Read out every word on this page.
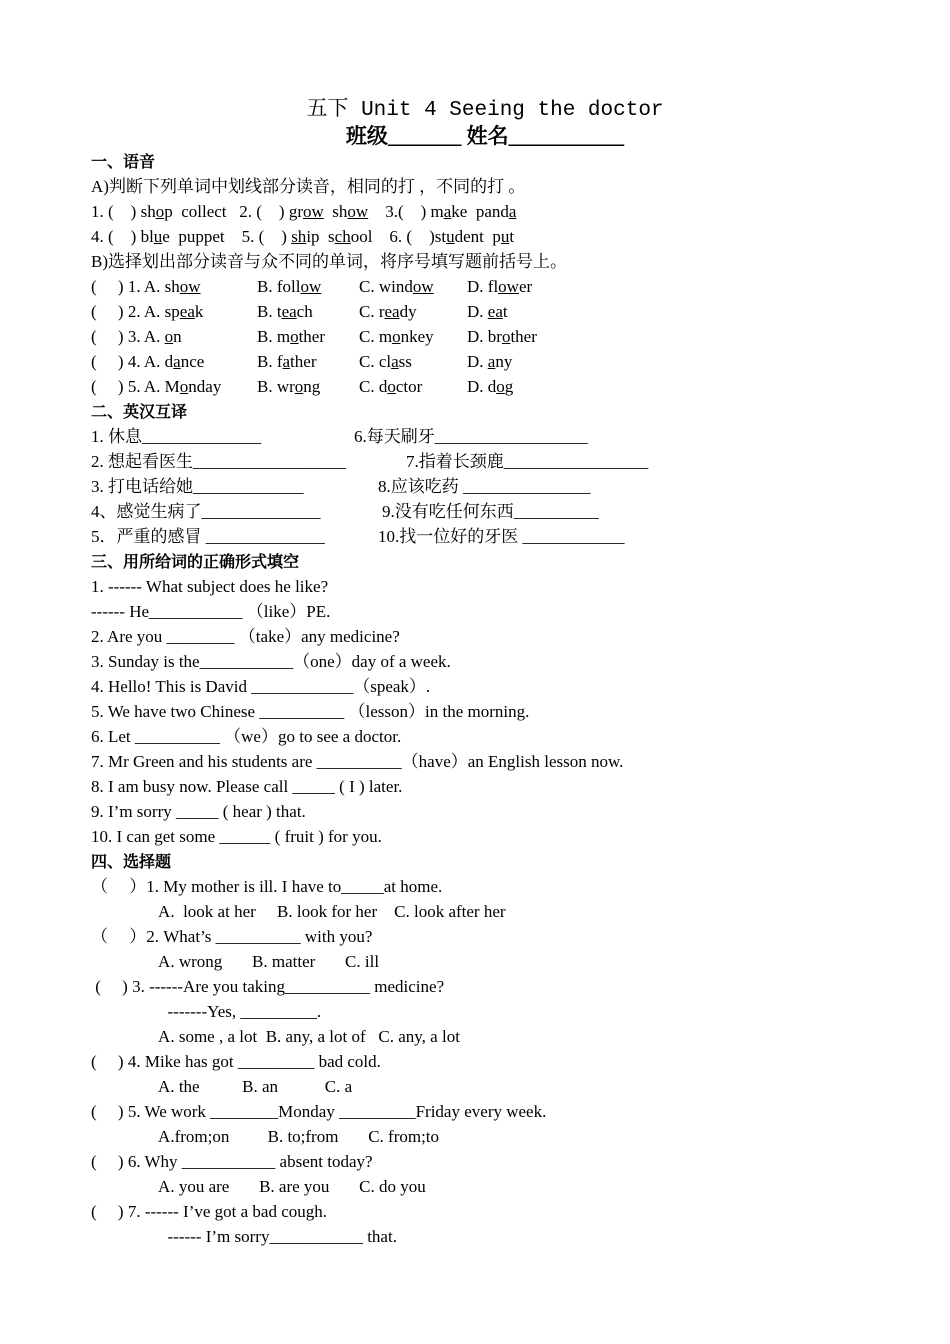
五下 Unit 4 Seeing the doctor
班级_______ 姓名___________
一、语音
A)判断下列单词中划线部分读音，相同的打 ，不同的打 。
1. (    ) shop  collect   2. (    ) grow  show    3.(    ) make  panda
4. (    ) blue  puppet    5. (    ) ship  school    6. (    )student  put
B)选择划出部分读音与众不同的单词，将序号填写题前括号上。
(     ) 1. A. show	B. follow C. window D. flower
(     ) 2. A. speak	B. teach	C. ready	D. eat
(     ) 3. A. on	B. mother C. monkey D. brother
(     ) 4. A. dance	B. father	C. class	D. any
(     ) 5. A. Monday B. wrong C. doctor	D. dog
二、英汉互译
1. 休息______________	6.每天刷牙__________________
2. 想起看医生__________________	7.指着长颈鹿_________________
3. 打电话给她_____________	8.应该吃药 _______________
4、感觉生病了______________	9.没有吃任何东西__________
5．严重的感冒 ______________	10.找一位好的牙医 ____________
三、用所给词的正确形式填空
1. ------ What subject does he like?
------ He___________ （like）PE.
2. Are you ________ （take）any medicine?
3. Sunday is the___________（one）day of a week.
4. Hello! This is David ____________（speak）.
5. We have two Chinese __________ （lesson）in the morning.
6. Let __________ （we）go to see a doctor.
7. Mr Green and his students are __________（have）an English lesson now.
8. I am busy now. Please call _____ ( I ) later.
9. I’m sorry _____ ( hear ) that.
10. I can get some ______ ( fruit ) for you.
四、选择题
（     ）1. My mother is ill. I have to_____at home.
A.  look at her     B. look for her    C. look after her
（     ）2. What’s __________ with you?
A. wrong       B. matter       C. ill
(     ) 3. ------Are you taking__________ medicine?
-------Yes, _________.
A. some , a lot  B. any, a lot of   C. any, a lot
(     ) 4. Mike has got _________ bad cold.
A. the          B. an           C. a
(     ) 5. We work ________Monday _________Friday every week.
A.from;on         B. to;from       C. from;to
(     ) 6. Why ___________ absent today?
A. you are       B. are you       C. do you
(     ) 7. ------ I’ve got a bad cough.
------ I’m sorry___________ that.
